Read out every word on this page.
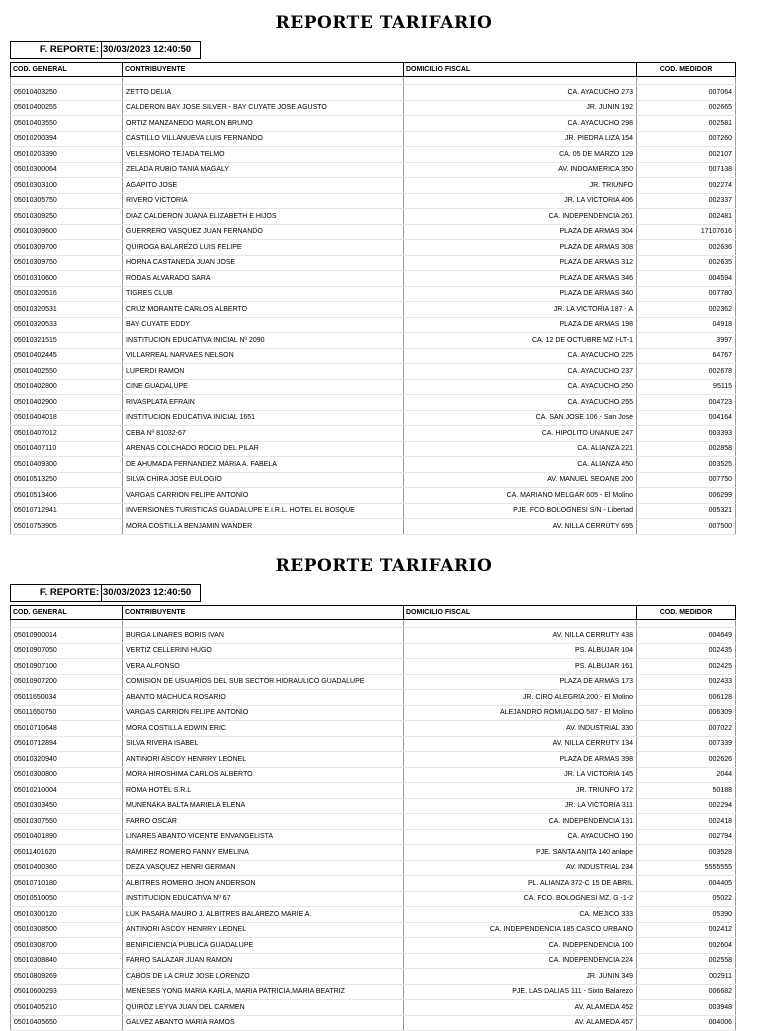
REPORTE TARIFARIO
F. REPORTE: 30/03/2023 12:40:50
COD. GENERAL	CONTRIBUYENTE	DOMICILIO FISCAL	COD. MEDIDOR

05010403250	ZETTO DELIA	CA. AYACUCHO 273	007064
05010400255	CALDERON BAY JOSE SILVER - BAY CUYATE JOSE AGUSTO	JR. JUNIN 192	002665
05010403550	ORTIZ MANZANEDO MARLON BRUNO	CA. AYACUCHO 298	002581
05010200394	CASTILLO VILLANUEVA LUIS FERNANDO	JR. PIEDRA LIZA 154	007260
05010203390	VELESMORO TEJADA TELMO	CA. 05 DE MARZO 129	002107
05010300064	ZELADA RUBIO TANIA MAGALY	AV. INDOAMERICA 350	007138
05010303100	AGAPITO JOSE	JR. TRIUNFO	002274
05010305750	RIVERO VICTORIA	JR. LA VICTORIA 406	002337
05010309250	DIAZ CALDERON JUANA ELIZABETH E HIJOS	CA. INDEPENDENCIA 261	002481
05010309600	GUERRERO VASQUEZ JUAN FERNANDO	PLAZA DE ARMAS 304	17107616
05010309700	QUIROGA BALAREZO LUIS FELIPE	PLAZA DE ARMAS 308	002636
05010309750	HORNA CASTANEDA JUAN JOSE	PLAZA DE ARMAS 312	002635
05010310600	RODAS ALVARADO SARA	PLAZA DE ARMAS 346	004594
05010320516	TIGRES CLUB	PLAZA DE ARMAS 340	007780
05010320531	CRUZ MORANTE CARLOS ALBERTO	JR. LA VICTORIA 187 - A	002362
05010320533	BAY CUYATE EDDY	PLAZA DE ARMAS 198	04918
05010321515	INSTITUCION EDUCATIVA INICIAL Nº 2090	CA. 12 DE OCTUBRE MZ I-LT-1	3997
05010402445	VILLARREAL NARVAES NELSON	CA. AYACUCHO 225	64767
05010402550	LUPERDI RAMON	CA. AYACUCHO 237	002678
05010402800	CINE GUADALUPE	CA. AYACUCHO 250	95115
05010402900	RIVASPLATA EFRAIN	CA. AYACUCHO 255	004723
05010404018	INSTITUCION EDUCATIVA INICIAL 1651	CA. SAN JOSE 106 - San Jose	004164
05010407012	CEBA Nº 81032-67	CA. HIPOLITO UNANUE 247	003393
05010407110	ARENAS COLCHADO ROCIO DEL PILAR	CA. ALIANZA 221	002858
05010409300	DE AHUMADA FERNANDEZ MARIA A. FABELA	CA. ALIANZA 450	003525
05010513250	SILVA CHIRA JOSE EULOGIO	AV. MANUEL SEOANE 200	007750
05010513406	VARGAS CARRION FELIPE ANTONIO	CA. MARIANO MELGAR 605 - El Molino	006299
05010712941	INVERSIONES TURISTICAS GUADALUPE E.I.R.L. HOTEL EL BOSQUE	PJE. FCO BOLOGNESI S/N - Libertad	005321
05010753905	MORA COSTILLA BENJAMIN WANDER	AV. NILLA CERRUTY 695	007500
REPORTE TARIFARIO
F. REPORTE: 30/03/2023 12:40:50
COD. GENERAL	CONTRIBUYENTE	DOMICILIO FISCAL	COD. MEDIDOR

05010900014	BURGA LINARES BORIS IVAN	AV. NILLA CERRUTY 438	004649
05010907050	VERTIZ CELLERINI HUGO	PS. ALBUJAR 104	002435
05010907100	VERA ALFONSO	PS. ALBUJAR 161	002425
05010907200	COMISION DE USUARIOS DEL SUB SECTOR HIDRAULICO GUADALUPE	PLAZA DE ARMAS 173	002433
05011650034	ABANTO MACHUCA ROSARIO	JR. CIRO ALEGRIA 200 - El Molino	006128
05011650750	VARGAS CARRION FELIPE ANTONIO	ALEJANDRO ROMUALDO 587 - El Molino	006309
05010710648	MORA COSTILLA EDWIN ERIC	AV. INDUSTRIAL 330	007022
05010712894	SILVA RIVERA ISABEL	AV. NILLA CERRUTY 134	007339
05010320940	ANTINORI ASCOY HENRRY LEONEL	PLAZA DE ARMAS 398	002626
05010300800	MORA HIROSHIMA CARLOS ALBERTO	JR. LA VICTORIA 145	2044
05010210004	ROMA HOTEL S.R.L	JR. TRIUNFO 172	50188
05010303450	MUNENAKA BALTA MARIELA ELENA	JR. LA VICTORIA 311	002294
05010307550	FARRO OSCAR	CA. INDEPENDENCIA 131	002418
05010401890	LINARES ABANTO VICENTE ENVANGELISTA	CA. AYACUCHO 190	002794
05011401620	RAMIREZ ROMERO FANNY EMELINA	PJE. SANTA ANITA 140 anlape	003528
05010400360	DEZA VASQUEZ HENRI GERMAN	AV. INDUSTRIAL 234	5555555
05010710180	ALBITRES ROMERO JHON ANDERSON	PL. ALIANZA 372-C 15 DE ABRIL	004405
05010510050	INSTITUCION EDUCATIVA Nº 67	CA. FCO. BOLOGNESI MZ. G -1-2	05022
05010300120	LUK PASARA MAURO J. ALBITRES BALAREZO MARIE A.	CA. MEJICO 333	05390
05010308500	ANTINORI ASCOY HENRRY LEONEL	CA. INDEPENDENCIA 185 CASCO URBANO	002412
05010308700	BENIFICIENCIA PUBLICA GUADALUPE	CA. INDEPENDENCIA 100	002604
05010308840	FARRO SALAZAR JUAN RAMON	CA. INDEPENDENCIA 224	002558
05010809269	CABOS DE LA CRUZ JOSE LORENZO	JR. JUNIN 349	002911
05010600293	MENESES YONG MARIA KARLA, MARIA PATRICIA,MARIA BEATRIZ	PJE. LAS DALIAS 111 - Sixto Balarezo	006682
05010405210	QUIROZ LEYVA JUAN DEL CARMEN	AV. ALAMEDA 452	003948
05010405650	GALVEZ ABANTO MARIA RAMOS	AV. ALAMEDA 457	004006
